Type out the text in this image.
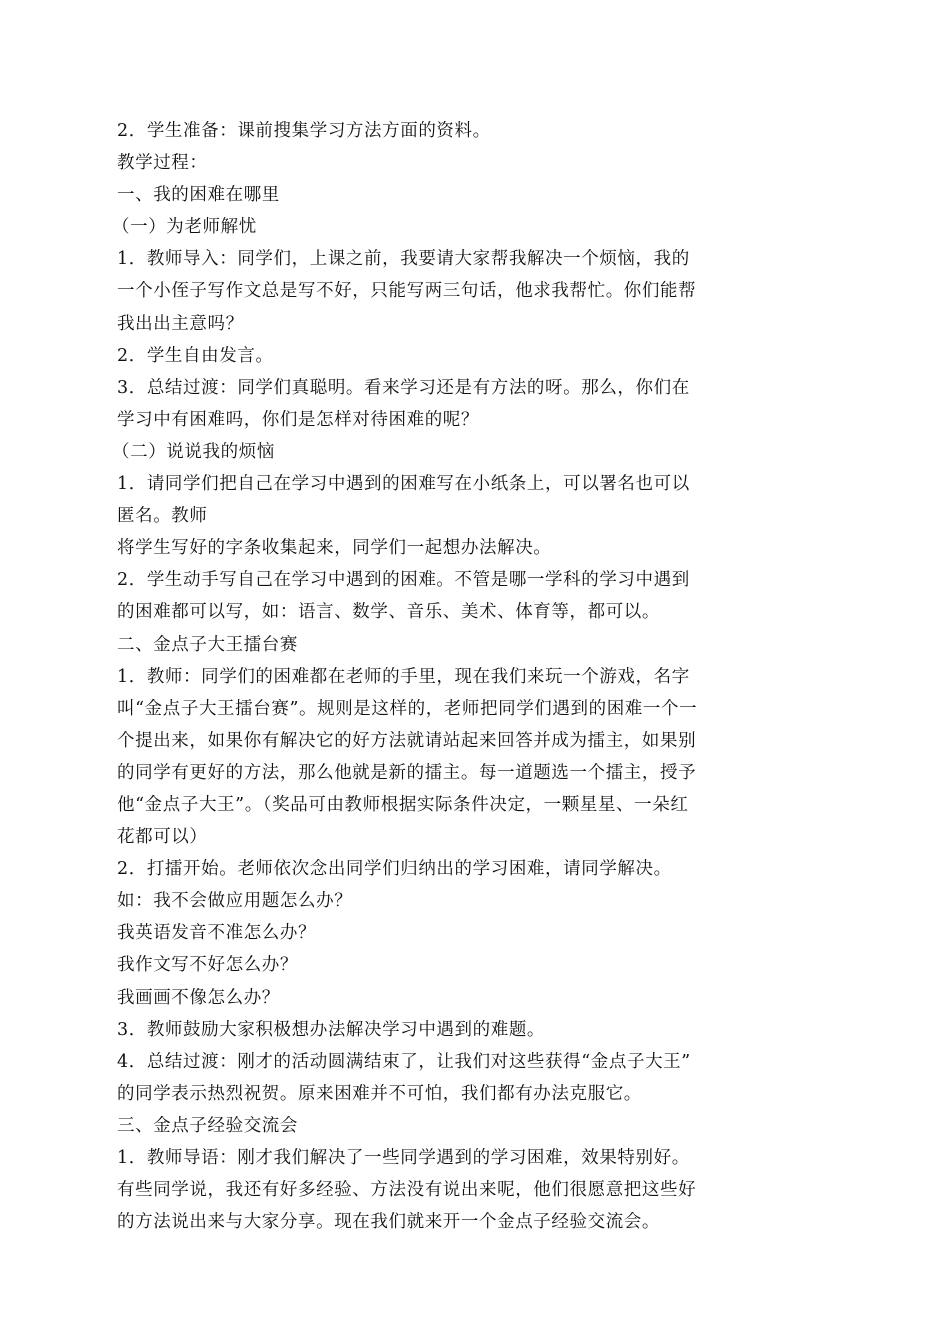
2．学生准备：课前搜集学习方法方面的资料。
教学过程：
一、我的困难在哪里
（一）为老师解忧
1．教师导入：同学们，上课之前，我要请大家帮我解决一个烦恼，我的
一个小侄子写作文总是写不好，只能写两三句话，他求我帮忙。你们能帮
我出出主意吗？
2．学生自由发言。
3．总结过渡：同学们真聪明。看来学习还是有方法的呀。那么，你们在
学习中有困难吗，你们是怎样对待困难的呢？
（二）说说我的烦恼
1．请同学们把自己在学习中遇到的困难写在小纸条上，可以署名也可以
匿名。教师
将学生写好的字条收集起来，同学们一起想办法解决。
2．学生动手写自己在学习中遇到的困难。不管是哪一学科的学习中遇到
的困难都可以写，如：语言、数学、音乐、美术、体育等，都可以。
二、金点子大王擂台赛
1．教师：同学们的困难都在老师的手里，现在我们来玩一个游戏，名字
叫“金点子大王擂台赛”。规则是这样的，老师把同学们遇到的困难一个一
个提出来，如果你有解决它的好方法就请站起来回答并成为擂主，如果别
的同学有更好的方法，那么他就是新的擂主。每一道题选一个擂主，授予
他“金点子大王”。（奖品可由教师根据实际条件决定，一颗星星、一朵红
花都可以）
2．打擂开始。老师依次念出同学们归纳出的学习困难，请同学解决。
如：我不会做应用题怎么办？
我英语发音不准怎么办？
我作文写不好怎么办？
我画画不像怎么办？
3．教师鼓励大家积极想办法解决学习中遇到的难题。
4．总结过渡：刚才的活动圆满结束了，让我们对这些获得“金点子大王”
的同学表示热烈祝贺。原来困难并不可怕，我们都有办法克服它。
三、金点子经验交流会
1．教师导语：刚才我们解决了一些同学遇到的学习困难，效果特别好。
有些同学说，我还有好多经验、方法没有说出来呢，他们很愿意把这些好
的方法说出来与大家分享。现在我们就来开一个金点子经验交流会。
